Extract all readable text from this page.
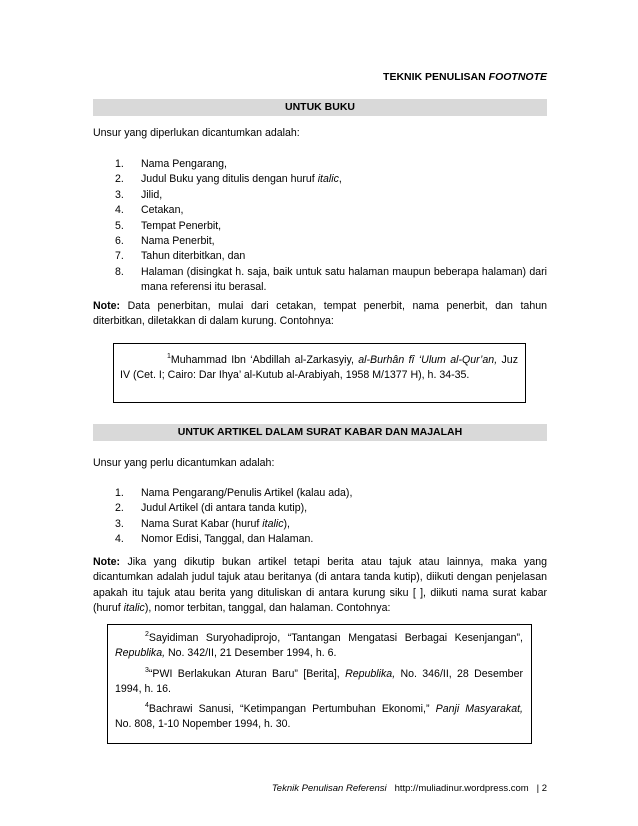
TEKNIK PENULISAN FOOTNOTE
UNTUK BUKU
Unsur yang diperlukan dicantumkan adalah:
1. Nama Pengarang,
2. Judul Buku yang ditulis dengan huruf italic,
3. Jilid,
4. Cetakan,
5. Tempat Penerbit,
6. Nama Penerbit,
7. Tahun diterbitkan, dan
8. Halaman (disingkat h. saja, baik untuk satu halaman maupun beberapa halaman) dari mana referensi itu berasal.
Note: Data penerbitan, mulai dari cetakan, tempat penerbit, nama penerbit, dan tahun diterbitkan, diletakkan di dalam kurung. Contohnya:
$^1$Muhammad Ibn ‘Abdillah al-Zarkasyiy, al-Burhân fî ‘Ulum al-Qur’an, Juz IV (Cet. I; Cairo: Dar Ihya’ al-Kutub al-Arabiyah, 1958 M/1377 H), h. 34-35.
UNTUK ARTIKEL DALAM SURAT KABAR DAN MAJALAH
Unsur yang perlu dicantumkan adalah:
1. Nama Pengarang/Penulis Artikel (kalau ada),
2. Judul Artikel (di antara tanda kutip),
3. Nama Surat Kabar (huruf italic),
4. Nomor Edisi, Tanggal, dan Halaman.
Note: Jika yang dikutip bukan artikel tetapi berita atau tajuk atau lainnya, maka yang dicantumkan adalah judul tajuk atau beritanya (di antara tanda kutip), diikuti dengan penjelasan apakah itu tajuk atau berita yang dituliskan di antara kurung siku [ ], diikuti nama surat kabar (huruf italic), nomor terbitan, tanggal, dan halaman. Contohnya:
$^2$Sayidiman Suryohadiprojo, “Tantangan Mengatasi Berbagai Kesenjangan”, Republika, No. 342/II, 21 Desember 1994, h. 6.
$^3$“PWI Berlakukan Aturan Baru” [Berita], Republika, No. 346/II, 28 Desember 1994, h. 16.
$^4$Bachrawi Sanusi, “Ketimpangan Pertumbuhan Ekonomi,” Panji Masyarakat, No. 808, 1-10 Nopember 1994, h. 30.
Teknik Penulisan Referensi http://muliadinur.wordpress.com | 2
